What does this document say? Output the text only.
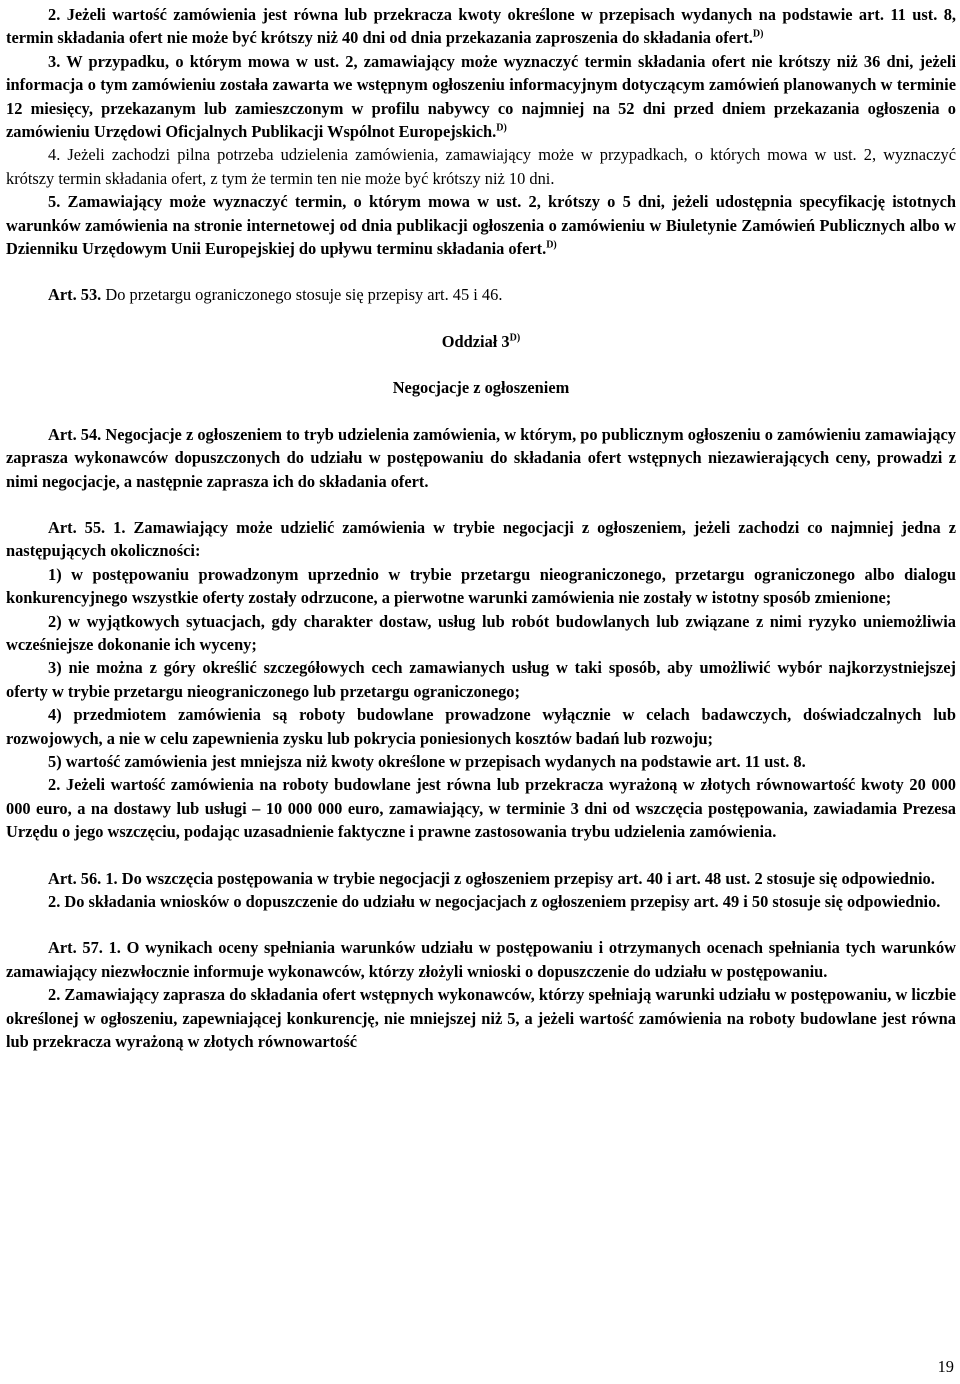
2. Jeżeli wartość zamówienia jest równa lub przekracza kwoty określone w przepisach wydanych na podstawie art. 11 ust. 8, termin składania ofert nie może być krótszy niż 40 dni od dnia przekazania zaproszenia do składania ofert.$^{D)}$

3. W przypadku, o którym mowa w ust. 2, zamawiający może wyznaczyć termin składania ofert nie krótszy niż 36 dni, jeżeli informacja o tym zamówieniu została zawarta we wstępnym ogłoszeniu informacyjnym dotyczącym zamówień planowanych w terminie 12 miesięcy, przekazanym lub zamieszczonym w profilu nabywcy co najmniej na 52 dni przed dniem przekazania ogłoszenia o zamówieniu Urzędowi Oficjalnych Publikacji Wspólnot Europejskich.$^{D)}$

4. Jeżeli zachodzi pilna potrzeba udzielenia zamówienia, zamawiający może w przypadkach, o których mowa w ust. 2, wyznaczyć krótszy termin składania ofert, z tym że termin ten nie może być krótszy niż 10 dni.

5. Zamawiający może wyznaczyć termin, o którym mowa w ust. 2, krótszy o 5 dni, jeżeli udostępnia specyfikację istotnych warunków zamówienia na stronie internetowej od dnia publikacji ogłoszenia o zamówieniu w Biuletynie Zamówień Publicznych albo w Dzienniku Urzędowym Unii Europejskiej do upływu terminu składania ofert.$^{D)}$

Art. 53. Do przetargu ograniczonego stosuje się przepisy art. 45 i 46.

Oddział $3^{D)}$

Negocjacje z ogłoszeniem

Art. 54. Negocjacje z ogłoszeniem to tryb udzielenia zamówienia, w którym, po publicznym ogłoszeniu o zamówieniu zamawiający zaprasza wykonawców dopuszczonych do udziału w postępowaniu do składania ofert wstępnych niezawierających ceny, prowadzi z nimi negocjacje, a następnie zaprasza ich do składania ofert.

Art. 55. 1. Zamawiający może udzielić zamówienia w trybie negocjacji z ogłoszeniem, jeżeli zachodzi co najmniej jedna z następujących okoliczności:

1) w postępowaniu prowadzonym uprzednio w trybie przetargu nieograniczonego, przetargu ograniczonego albo dialogu konkurencyjnego wszystkie oferty zostały odrzucone, a pierwotne warunki zamówienia nie zostały w istotny sposób zmienione;

2) w wyjątkowych sytuacjach, gdy charakter dostaw, usług lub robót budowlanych lub związane z nimi ryzyko uniemożliwia wcześniejsze dokonanie ich wyceny;

3) nie można z góry określić szczegółowych cech zamawianych usług w taki sposób, aby umożliwić wybór najkorzystniejszej oferty w trybie przetargu nieograniczonego lub przetargu ograniczonego;

4) przedmiotem zamówienia są roboty budowlane prowadzone wyłącznie w celach badawczych, doświadczalnych lub rozwojowych, a nie w celu zapewnienia zysku lub pokrycia poniesionych kosztów badań lub rozwoju;

5) wartość zamówienia jest mniejsza niż kwoty określone w przepisach wydanych na podstawie art. 11 ust. 8.

2. Jeżeli wartość zamówienia na roboty budowlane jest równa lub przekracza wyrażoną w złotych równowartość kwoty 20 000 000 euro, a na dostawy lub usługi – 10 000 000 euro, zamawiający, w terminie 3 dni od wszczęcia postępowania, zawiadamia Prezesa Urzędu o jego wszczęciu, podając uzasadnienie faktyczne i prawne zastosowania trybu udzielenia zamówienia.

Art. 56. 1. Do wszczęcia postępowania w trybie negocjacji z ogłoszeniem przepisy art. 40 i art. 48 ust. 2 stosuje się odpowiednio.

2. Do składania wniosków o dopuszczenie do udziału w negocjacjach z ogłoszeniem przepisy art. 49 i 50 stosuje się odpowiednio.

Art. 57. 1. O wynikach oceny spełniania warunków udziału w postępowaniu i otrzymanych ocenach spełniania tych warunków zamawiający niezwłocznie informuje wykonawców, którzy złożyli wnioski o dopuszczenie do udziału w postępowaniu.

2. Zamawiający zaprasza do składania ofert wstępnych wykonawców, którzy spełniają warunki udziału w postępowaniu, w liczbie określonej w ogłoszeniu, zapewniającej konkurencję, nie mniejszej niż 5, a jeżeli wartość zamówienia na roboty budowlane jest równa lub przekracza wyrażoną w złotych równowartość

19
